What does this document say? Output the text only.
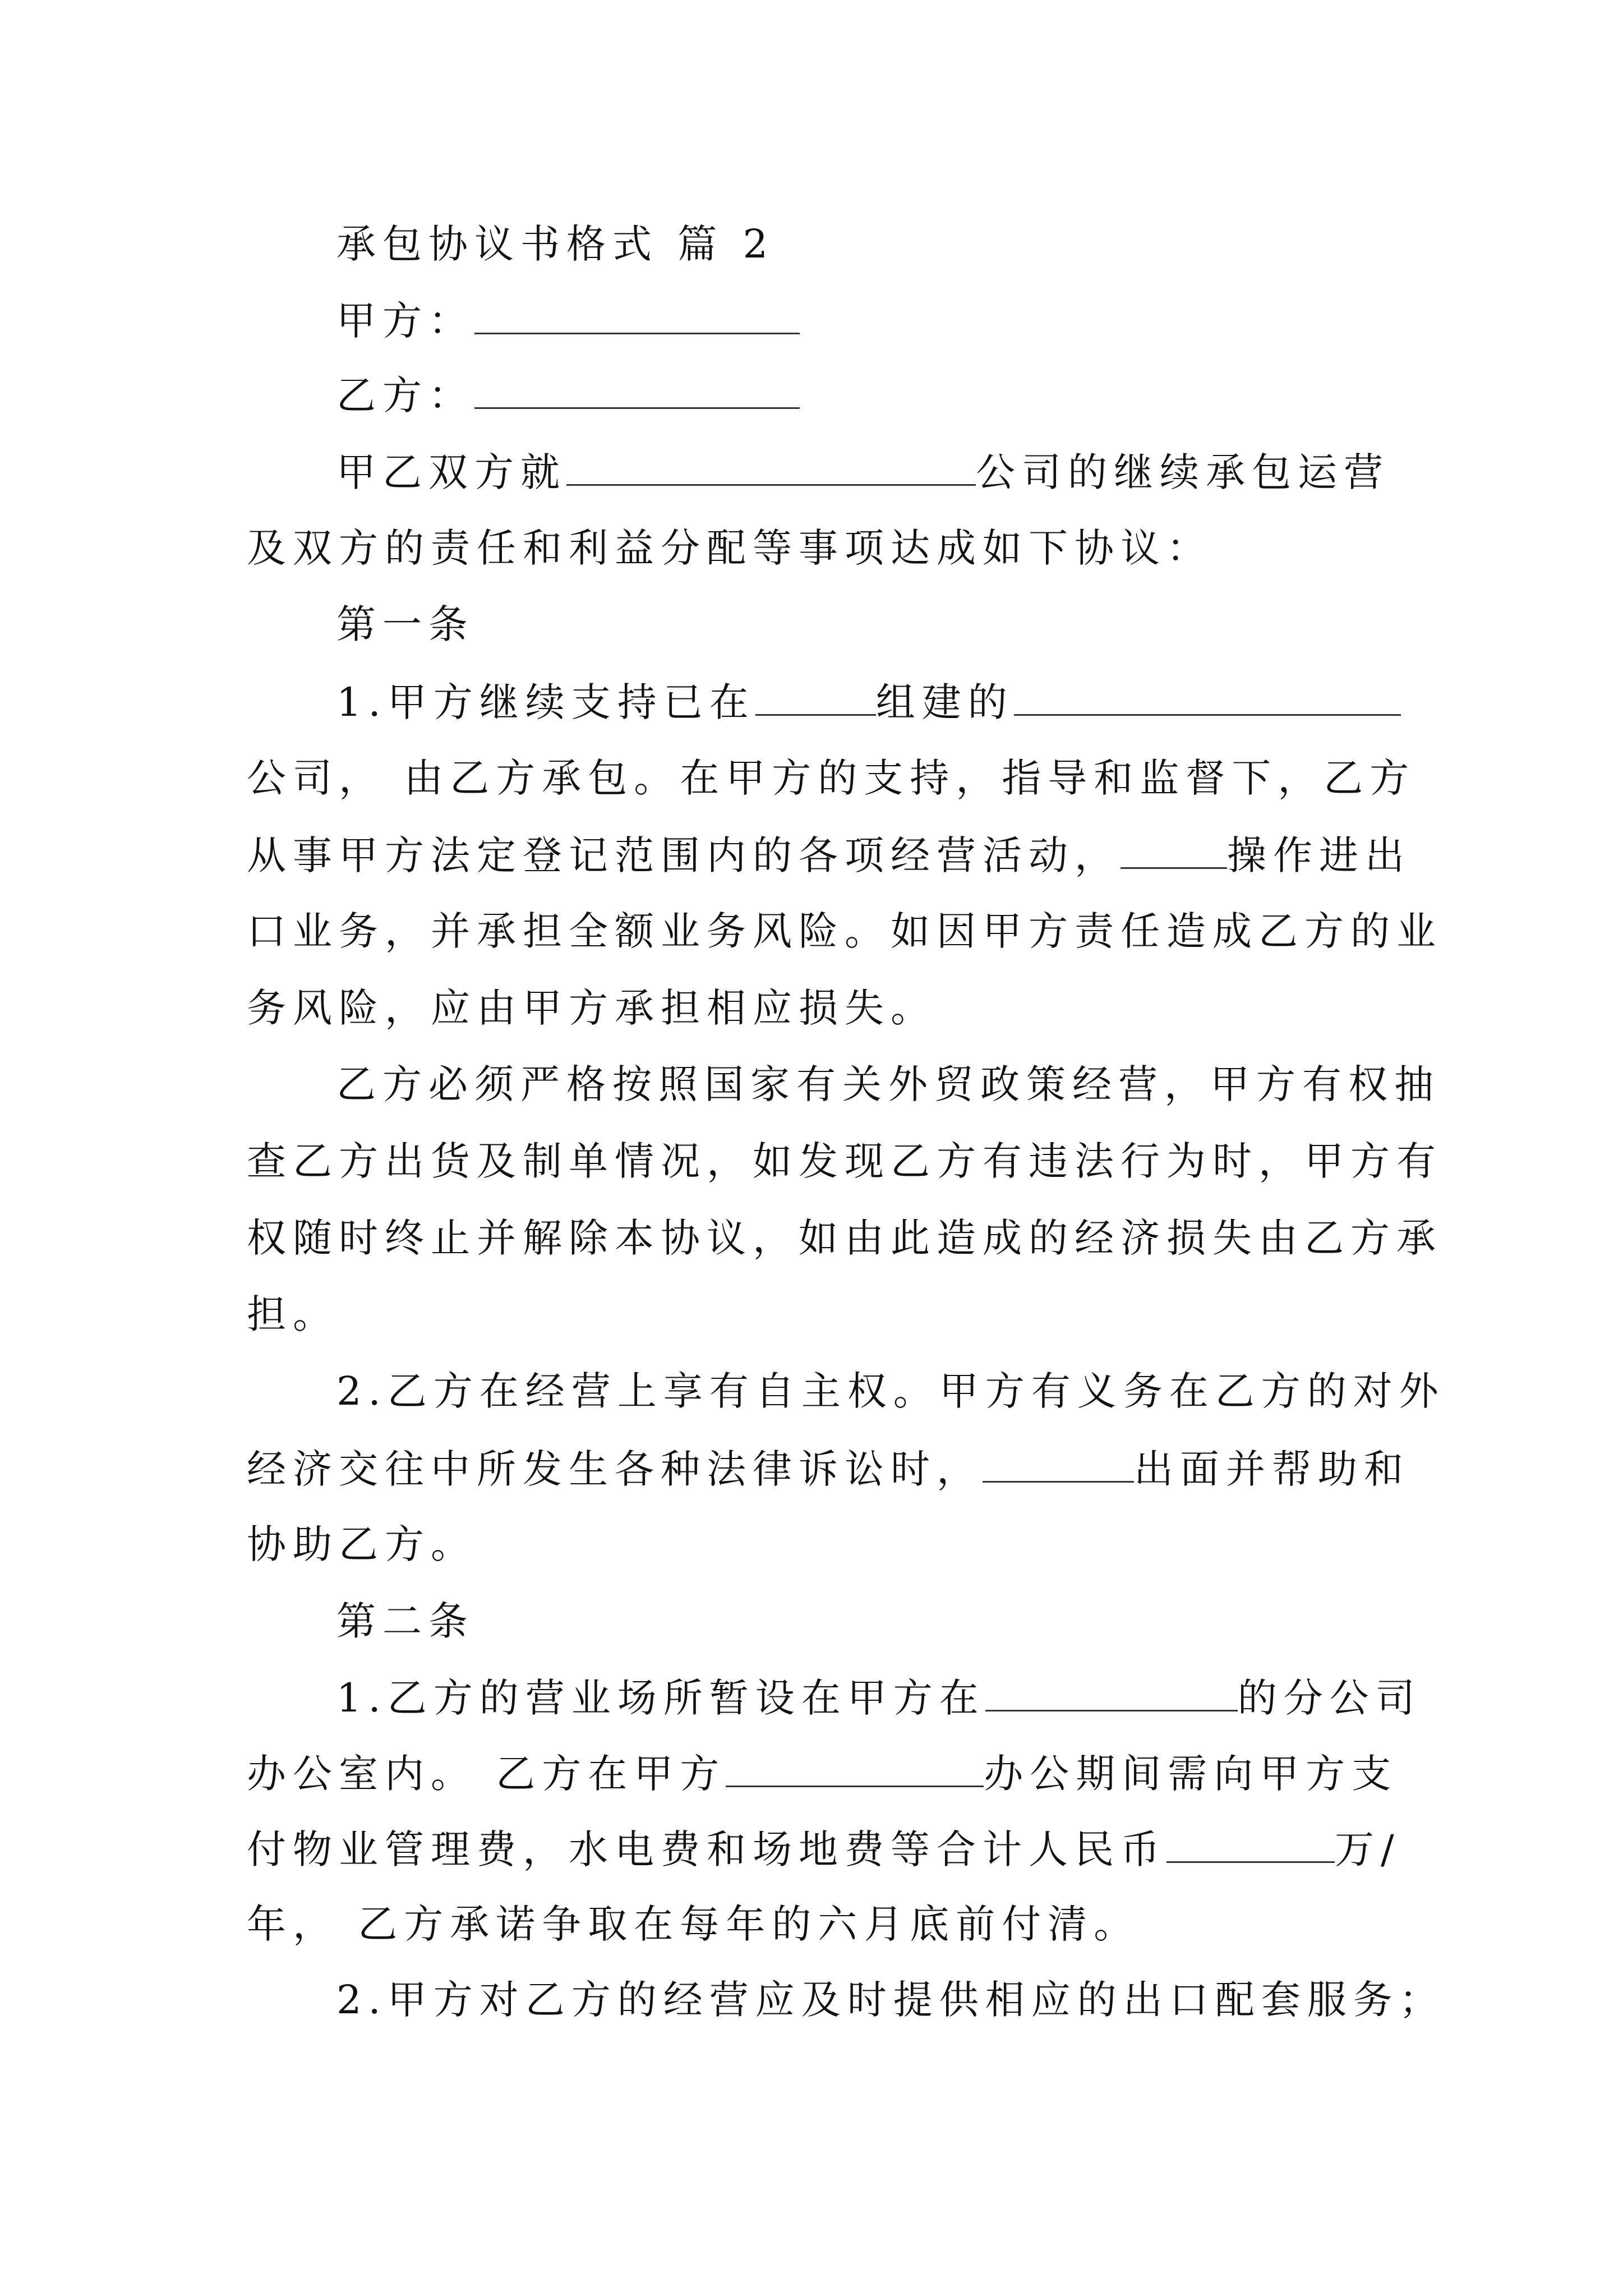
承包协议书格式 篇 2
甲方：
乙方：
甲乙双方就	公司的继续承包运营
及双方的责任和利益分配等事项达成如下协议：
第一条
1.甲方继续支持已在	组建的
公司， 由乙方承包。在甲方的支持，指导和监督下，乙方
从事甲方法定登记范围内的各项经营活动，	操作进出
口业务，并承担全额业务风险。如因甲方责任造成乙方的业
务风险，应由甲方承担相应损失。
乙方必须严格按照国家有关外贸政策经营，甲方有权抽
查乙方出货及制单情况，如发现乙方有违法行为时，甲方有
权随时终止并解除本协议，如由此造成的经济损失由乙方承
担。
2.乙方在经营上享有自主权。甲方有义务在乙方的对外
经济交往中所发生各种法律诉讼时，	出面并帮助和
协助乙方。
第二条
1.乙方的营业场所暂设在甲方在	的分公司
办公室内。 乙方在甲方	办公期间需向甲方支
付物业管理费，水电费和场地费等合计人民币	万/
年， 乙方承诺争取在每年的六月底前付清。
2.甲方对乙方的经营应及时提供相应的出口配套服务；
